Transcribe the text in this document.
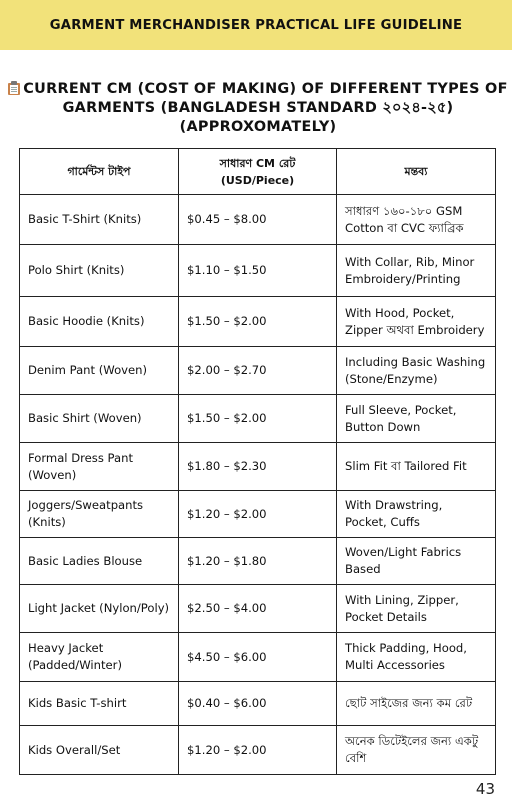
GARMENT MERCHANDISER PRACTICAL LIFE GUIDELINE
CURRENT CM (COST OF MAKING) OF DIFFERENT TYPES OF
GARMENTS (BANGLADESH STANDARD ২০২৪-২৫)
(APPROXOMATELY)
গার্মেন্টস টাইপ	সাধারণ CM রেট (USD/Piece)	মন্তব্য
Basic T-Shirt (Knits)	$0.45 – $8.00	সাধারণ ১৬০-১৮০ GSM Cotton বা CVC ফ্যাব্রিক
Polo Shirt (Knits)	$1.10 – $1.50	With Collar, Rib, Minor Embroidery/Printing
Basic Hoodie (Knits)	$1.50 – $2.00	With Hood, Pocket, Zipper অথবা Embroidery
Denim Pant (Woven)	$2.00 – $2.70	Including Basic Washing (Stone/Enzyme)
Basic Shirt (Woven)	$1.50 – $2.00	Full Sleeve, Pocket, Button Down
Formal Dress Pant (Woven)	$1.80 – $2.30	Slim Fit বা Tailored Fit
Joggers/Sweatpants (Knits)	$1.20 – $2.00	With Drawstring, Pocket, Cuffs
Basic Ladies Blouse	$1.20 – $1.80	Woven/Light Fabrics Based
Light Jacket (Nylon/Poly)	$2.50 – $4.00	With Lining, Zipper, Pocket Details
Heavy Jacket (Padded/Winter)	$4.50 – $6.00	Thick Padding, Hood, Multi Accessories
Kids Basic T-shirt	$0.40 – $6.00	ছোট সাইজের জন্য কম রেট
Kids Overall/Set	$1.20 – $2.00	অনেক ডিটেইলের জন্য একটু বেশি
43
